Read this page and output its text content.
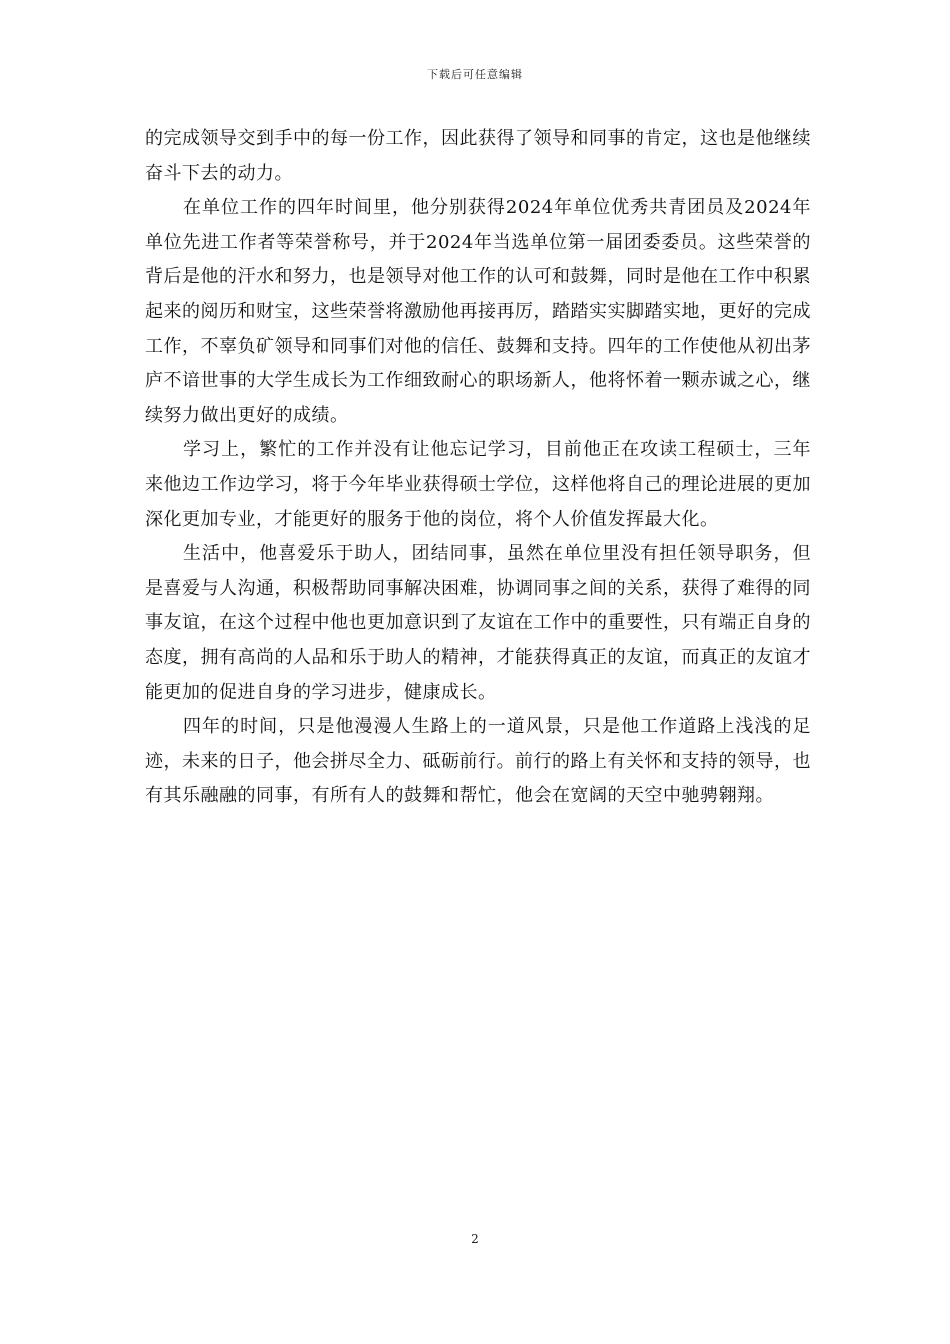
下载后可任意编辑

的完成领导交到手中的每一份工作，因此获得了领导和同事的肯定，这也是他继续奋斗下去的动力。

在单位工作的四年时间里，他分别获得2024年单位优秀共青团员及2024年单位先进工作者等荣誉称号，并于2024年当选单位第一届团委委员。这些荣誉的背后是他的汗水和努力，也是领导对他工作的认可和鼓舞，同时是他在工作中积累起来的阅历和财宝，这些荣誉将激励他再接再厉，踏踏实实脚踏实地，更好的完成工作，不辜负矿领导和同事们对他的信任、鼓舞和支持。四年的工作使他从初出茅庐不谙世事的大学生成长为工作细致耐心的职场新人，他将怀着一颗赤诚之心，继续努力做出更好的成绩。

学习上，繁忙的工作并没有让他忘记学习，目前他正在攻读工程硕士，三年来他边工作边学习，将于今年毕业获得硕士学位，这样他将自己的理论进展的更加深化更加专业，才能更好的服务于他的岗位，将个人价值发挥最大化。

生活中，他喜爱乐于助人，团结同事，虽然在单位里没有担任领导职务，但是喜爱与人沟通，积极帮助同事解决困难，协调同事之间的关系，获得了难得的同事友谊，在这个过程中他也更加意识到了友谊在工作中的重要性，只有端正自身的态度，拥有高尚的人品和乐于助人的精神，才能获得真正的友谊，而真正的友谊才能更加的促进自身的学习进步，健康成长。

四年的时间，只是他漫漫人生路上的一道风景，只是他工作道路上浅浅的足迹，未来的日子，他会拼尽全力、砥砺前行。前行的路上有关怀和支持的领导，也有其乐融融的同事，有所有人的鼓舞和帮忙，他会在宽阔的天空中驰骋翱翔。

2
